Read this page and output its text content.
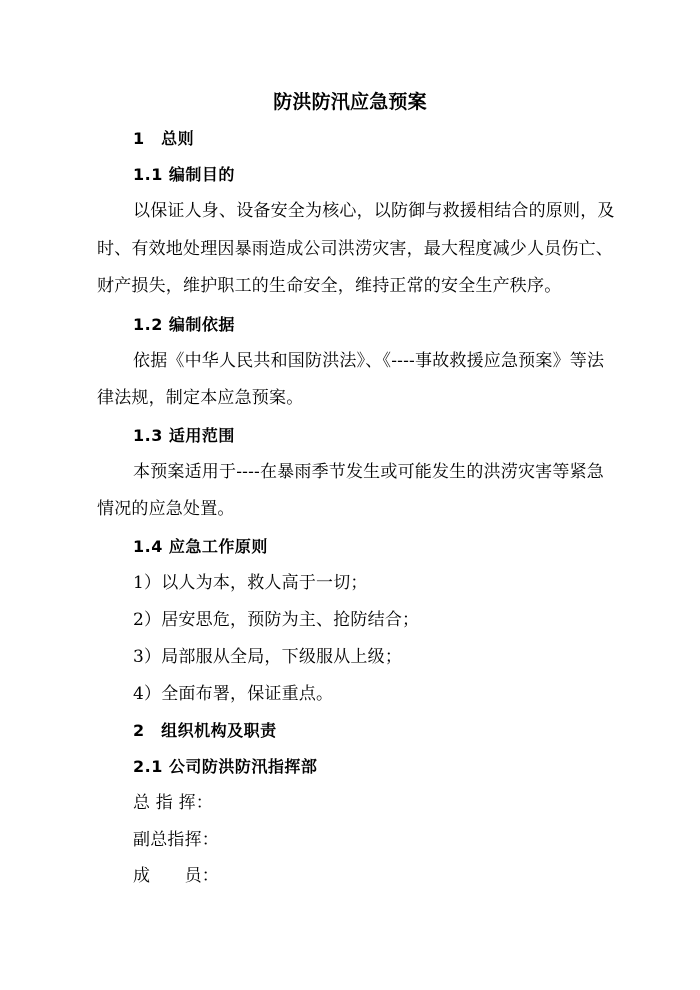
防洪防汛应急预案
1　总则
1.1 编制目的
以保证人身、设备安全为核心，以防御与救援相结合的原则，及
时、有效地处理因暴雨造成公司洪涝灾害，最大程度减少人员伤亡、
财产损失，维护职工的生命安全，维持正常的安全生产秩序。
1.2 编制依据
依据《中华人民共和国防洪法》、《----事故救援应急预案》等法
律法规，制定本应急预案。
1.3 适用范围
本预案适用于----在暴雨季节发生或可能发生的洪涝灾害等紧急
情况的应急处置。
1.4 应急工作原则
1）以人为本，救人高于一切；
2）居安思危，预防为主、抢防结合；
3）局部服从全局，下级服从上级；
4）全面布署，保证重点。
2　组织机构及职责
2.1 公司防洪防汛指挥部
总 指 挥：
副总指挥：
成　　员：
